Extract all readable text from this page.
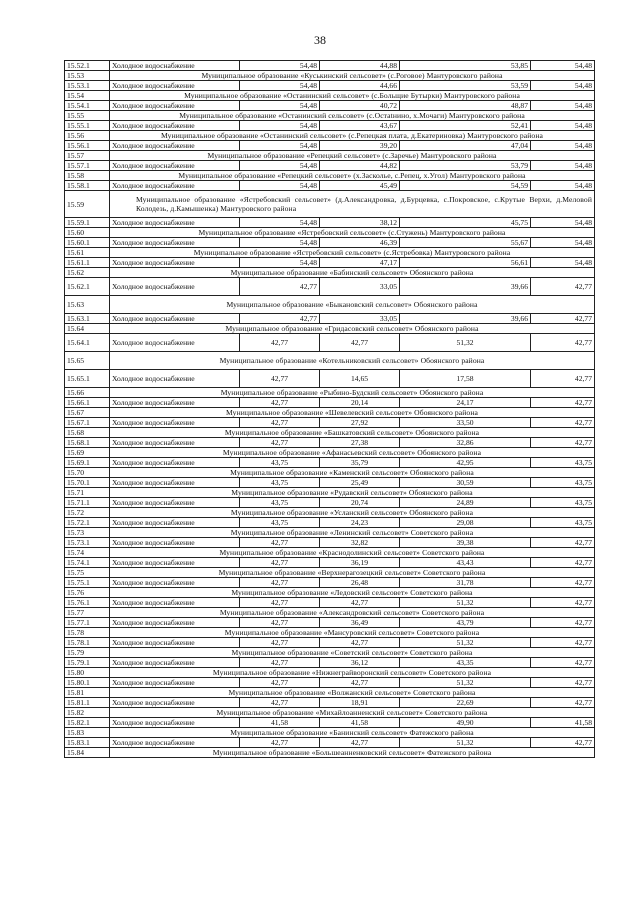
38
15.52.1	Холодное водоснабжение	54,48	44,88	53,85	54,48
15.53	Муниципальное образование «Куськинский сельсовет» (с.Роговое) Мантуровского района				
15.53.1	Холодное водоснабжение	54,48	44,66	53,59	54,48
15.54	Муниципальное образование «Останинский сельсовет» (с.Больщие Бутырки) Мантуровского района				
15.54.1	Холодное водоснабжение	54,48	40,72	48,87	54,48
15.55	Муниципальное образование «Останинский сельсовет» (с.Остаtнино, х.Мочаги) Мантуровского района				
15.55.1	Холодное водоснабжение	54,48	43,67	52,41	54,48
15.56	Муниципальное образование «Останинский сельсовет» (с.Репецкая плата, д.Екатериновка) Мантуровского района				
15.56.1	Холодное водоснабжение	54,48	39,20	47,04	54,48
15.57	Муниципальное образование «Репецкий сельсовет» (с.Заречье) Мантуровского района				
15.57.1	Холодное водоснабжение	54,48	44,82	53,79	54,48
15.58	Муниципальное образование «Репецкий сельсовет» (х.Засколье, с.Репец, х.Угол) Мантуровского района				
15.58.1	Холодное водоснабжение	54,48	45,49	54,59	54,48
15.59	Муниципальное образование «Ястребовский сельсовет» (д.Александровка, д.Бурцевка, с.Покровское, с.Крутые Верхи, д.Меловой Колодезь, д.Камышенка) Мантуровского района				
15.59.1	Холодное водоснабжение	54,48	38,12	45,75	54,48
15.60	Муниципальное образование «Ястребовский сельсовет» (с.Стужень) Мантуровского района				
15.60.1	Холодное водоснабжение	54,48	46,39	55,67	54,48
15.61	Муниципальное образование «Ястребовский сельсовет» (с.Ястребовка) Мантуровского района				
15.61.1	Холодное водоснабжение	54,48	47,17	56,61	54,48
15.62	Муниципальное образование «Бабинский сельсовет» Обоянского района				
15.62.1	Холодное водоснабжение	42,77	33,05	39,66	42,77
15.63	Муниципальное образование «Быкановский сельсовет» Обоянского района				
15.63.1	Холодное водоснабжение	42,77	33,05	39,66	42,77
15.64	Муниципальное образование «Гридасовский сельсовет» Обоянского района				
15.64.1	Холодное водоснабжение	42,77	42,77	51,32	42,77
15.65	Муниципальное образование «Котельниковский сельсовет» Обоянского района				
15.65.1	Холодное водоснабжение	42,77	14,65	17,58	42,77
15.66	Муниципальное образование «Рыбино-Будский сельсовет» Обоянского района				
15.66.1	Холодное водоснабжение	42,77	20,14	24,17	42,77
15.67	Муниципальное образование «Шевелевский сельсовет» Обоянского района				
15.67.1	Холодное водоснабжение	42,77	27,92	33,50	42,77
15.68	Муниципальное образование «Башкатовский сельсовет» Обоянского района				
15.68.1	Холодное водоснабжение	42,77	27,38	32,86	42,77
15.69	Муниципальное образование «Афанасьевский сельсовет» Обоянского района				
15.69.1	Холодное водоснабжение	43,75	35,79	42,95	43,75
15.70	Муниципальное образование «Каменский сельсовет» Обоянского района				
15.70.1	Холодное водоснабжение	43,75	25,49	30,59	43,75
15.71	Муниципальное образование «Рудавский сельсовет» Обоянского района				
15.71.1	Холодное водоснабжение	43,75	20,74	24,89	43,75
15.72	Муниципальное образование «Усланский сельсовет» Обоянского района				
15.72.1	Холодное водоснабжение	43,75	24,23	29,08	43,75
15.73	Муниципальное образование «Ленинский сельсовет» Советского района				
15.73.1	Холодное водоснабжение	42,77	32,82	39,38	42,77
15.74	Муниципальное образование «Краснодолинский сельсовет» Советского района				
15.74.1	Холодное водоснабжение	42,77	36,19	43,43	42,77
15.75	Муниципальное образование «Верхнерагозецкий сельсовет» Советского района				
15.75.1	Холодное водоснабжение	42,77	26,48	31,78	42,77
15.76	Муниципальное образование «Ледовский сельсовет» Советского района				
15.76.1	Холодное водоснабжение	42,77	42,77	51,32	42,77
15.77	Муниципальное образование «Александровский сельсовет» Советского района				
15.77.1	Холодное водоснабжение	42,77	36,49	43,79	42,77
15.78	Муниципальное образование «Мансуровский сельсовет» Советского района				
15.78.1	Холодное водоснабжение	42,77	42,77	51,32	42,77
15.79	Муниципальное образование «Советский сельсовет» Советского района				
15.79.1	Холодное водоснабжение	42,77	36,12	43,35	42,77
15.80	Муниципальное образование «Нижнеграйворонский сельсовет» Советского района				
15.80.1	Холодное водоснабжение	42,77	42,77	51,32	42,77
15.81	Муниципальное образование «Волжанский сельсовет» Советского района				
15.81.1	Холодное водоснабжение	42,77	18,91	22,69	42,77
15.82	Муниципальное образование «Михайлоанненский сельсовет» Советского района				
15.82.1	Холодное водоснабжение	41,58	41,58	49,90	41,58
15.83	Муниципальное образование «Банинский сельсовет» Фатежского района				
15.83.1	Холодное водоснабжение	42,77	42,77	51,32	42,77
15.84	Муниципальное образование «Большеанненковский сельсовет» Фатежского района				
